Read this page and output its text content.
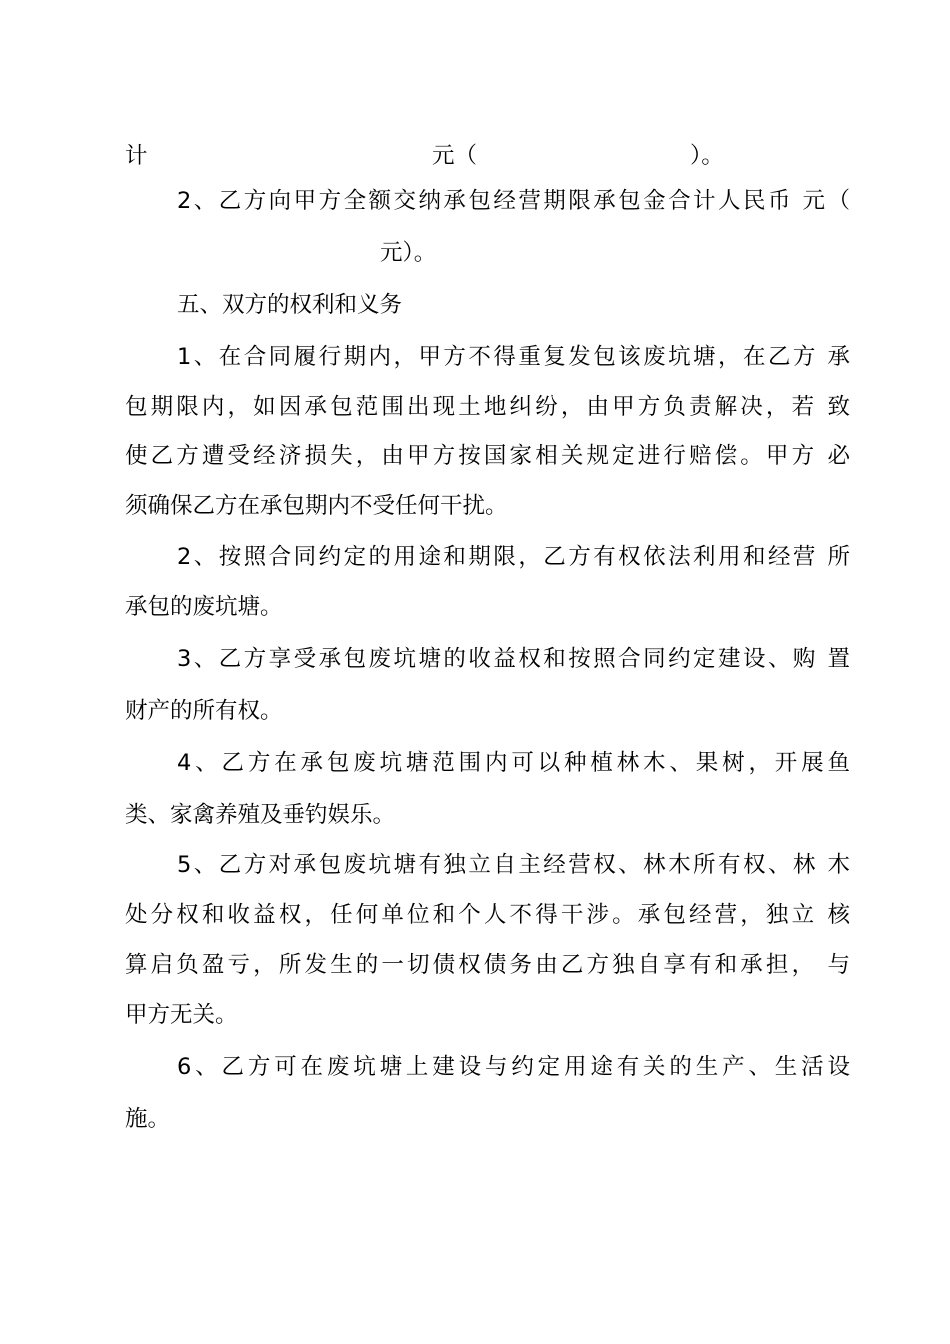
计	元（	）。

2、乙方向甲方全额交纳承包经营期限承包金合计人民币 元（

元）。

五、双方的权利和义务

1、在合同履行期内，甲方不得重复发包该废坑塘，在乙方 承

包期限内，如因承包范围出现土地纠纷，由甲方负责解决，若 致

使乙方遭受经济损失，由甲方按国家相关规定进行赔偿。甲方 必

须确保乙方在承包期内不受任何干扰。

2、按照合同约定的用途和期限，乙方有权依法利用和经营 所

承包的废坑塘。

3、乙方享受承包废坑塘的收益权和按照合同约定建设、购 置

财产的所有权。

4、乙方在承包废坑塘范围内可以种植林木、果树，开展鱼

类、家禽养殖及垂钓娱乐。

5、乙方对承包废坑塘有独立自主经营权、林木所有权、林 木

处分权和收益权，任何单位和个人不得干涉。承包经营，独立 核

算启负盈亏，所发生的一切债权债务由乙方独自享有和承担， 与

甲方无关。

6、乙方可在废坑塘上建设与约定用途有关的生产、生活设

施。
